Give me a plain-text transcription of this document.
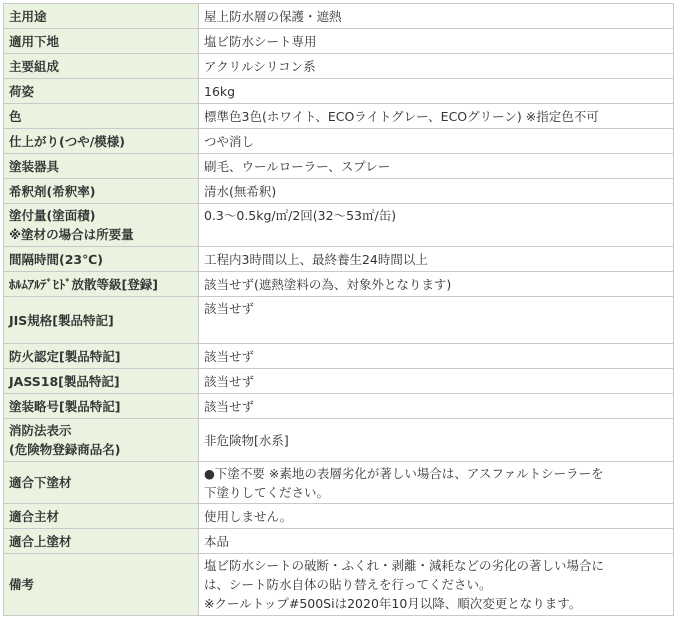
主用途	屋上防水層の保護・遮熱

適用下地	塩ビ防水シート専用

主要組成	アクリルシリコン系

荷姿	16kg

色	標準色3色(ホワイト、ECOライトグレー、ECOグリーン) ※指定色不可

仕上がり(つや/模様)	つや消し

塗装器具	刷毛、ウールローラー、スプレー

希釈剤(希釈率)	清水(無希釈)

塗付量(塗面積)
※塗材の場合は所要量	0.3～0.5kg/㎡/2回(32～53㎡/缶)

間隔時間(23℃)	工程内3時間以上、最終養生24時間以上

ﾎﾙﾑｱﾙﾃﾞﾋﾄﾞ放散等級[登録]	該当せず(遮熱塗料の為、対象外となります)

JIS規格[製品特記]	該当せず

防火認定[製品特記]	該当せず

JASS18[製品特記]	該当せず

塗装略号[製品特記]	該当せず

消防法表示
(危険物登録商品名)	非危険物[水系]

適合下塗材	●下塗不要 ※素地の表層劣化が著しい場合は、アスファルトシーラーを
下塗りしてください。

適合主材	使用しません。

適合上塗材	本品

備考	塩ビ防水シートの破断・ふくれ・剥離・減耗などの劣化の著しい場合に
は、シート防水自体の貼り替えを行ってください。
※クールトップ#500Siは2020年10月以降、順次変更となります。
